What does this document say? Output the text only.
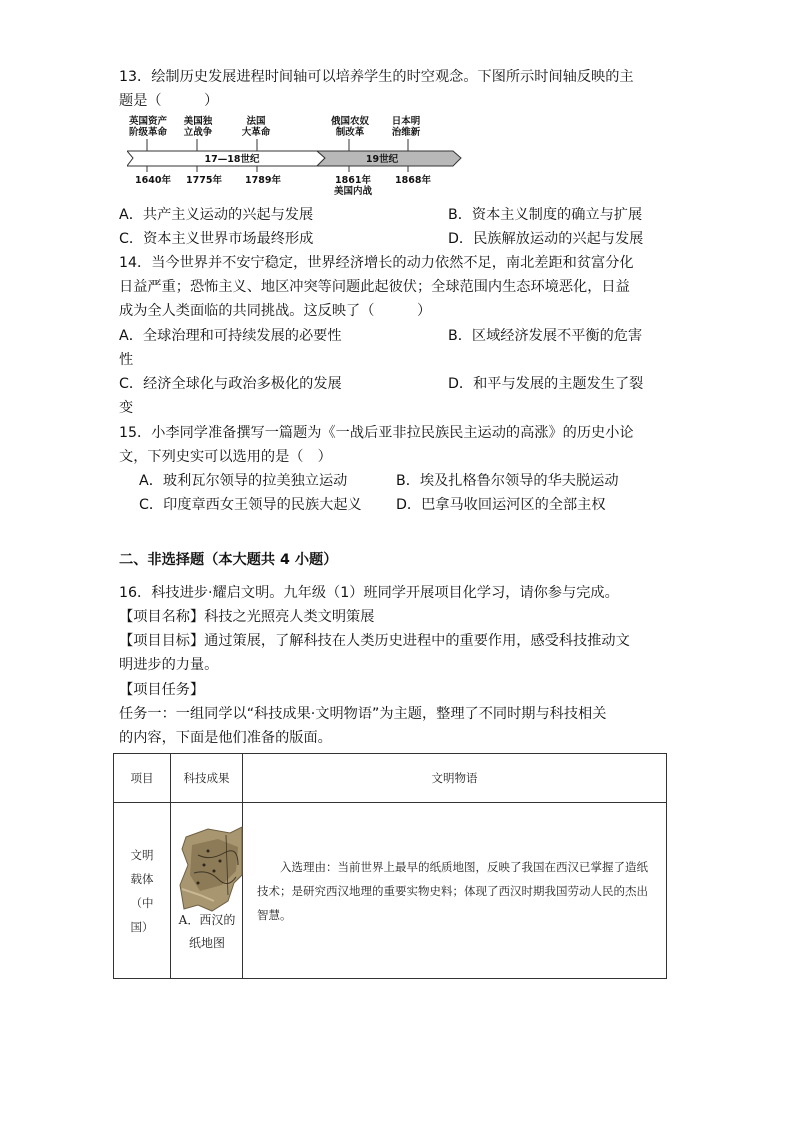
13．绘制历史发展进程时间轴可以培养学生的时空观念。下图所示时间轴反映的主
题是（　　　）
英国资产
阶级革命
美国独
立战争
法国
大革命
俄国农奴
制改革
日本明
治维新
17—18世纪	19世纪
1640年 1775年 1789年	1861年	1868年
美国内战
A．共产主义运动的兴起与发展	B．资本主义制度的确立与扩展
C．资本主义世界市场最终形成	D．民族解放运动的兴起与发展
14．当今世界并不安宁稳定，世界经济增长的动力依然不足，南北差距和贫富分化
日益严重；恐怖主义、地区冲突等问题此起彼伏；全球范围内生态环境恶化，日益
成为全人类面临的共同挑战。这反映了（　　　）
A．全球治理和可持续发展的必要性	B．区域经济发展不平衡的危害
性
C．经济全球化与政治多极化的发展	D．和平与发展的主题发生了裂
变
15．小李同学准备撰写一篇题为《一战后亚非拉民族民主运动的高涨》的历史小论
文，下列史实可以选用的是（　）
A．玻利瓦尔领导的拉美独立运动	B．埃及扎格鲁尔领导的华夫脱运动
C．印度章西女王领导的民族大起义 D．巴拿马收回运河区的全部主权
二、非选择题（本大题共 4 小题）
16．科技进步·耀启文明。九年级（1）班同学开展项目化学习，请你参与完成。
【项目名称】科技之光照亮人类文明策展
【项目目标】通过策展，了解科技在人类历史进程中的重要作用，感受科技推动文
明进步的力量。
【项目任务】
任务一：一组同学以“科技成果·文明物语”为主题，整理了不同时期与科技相关
的内容，下面是他们准备的版面。
项目	科技成果	文明物语

文明载体（中国）	A．西汉的纸地图	入选理由：当前世界上最早的纸质地图，反映了我国在西汉已掌握了造纸技术；是研究西汉地理的重要实物史料；体现了西汉时期我国劳动人民的杰出智慧。
